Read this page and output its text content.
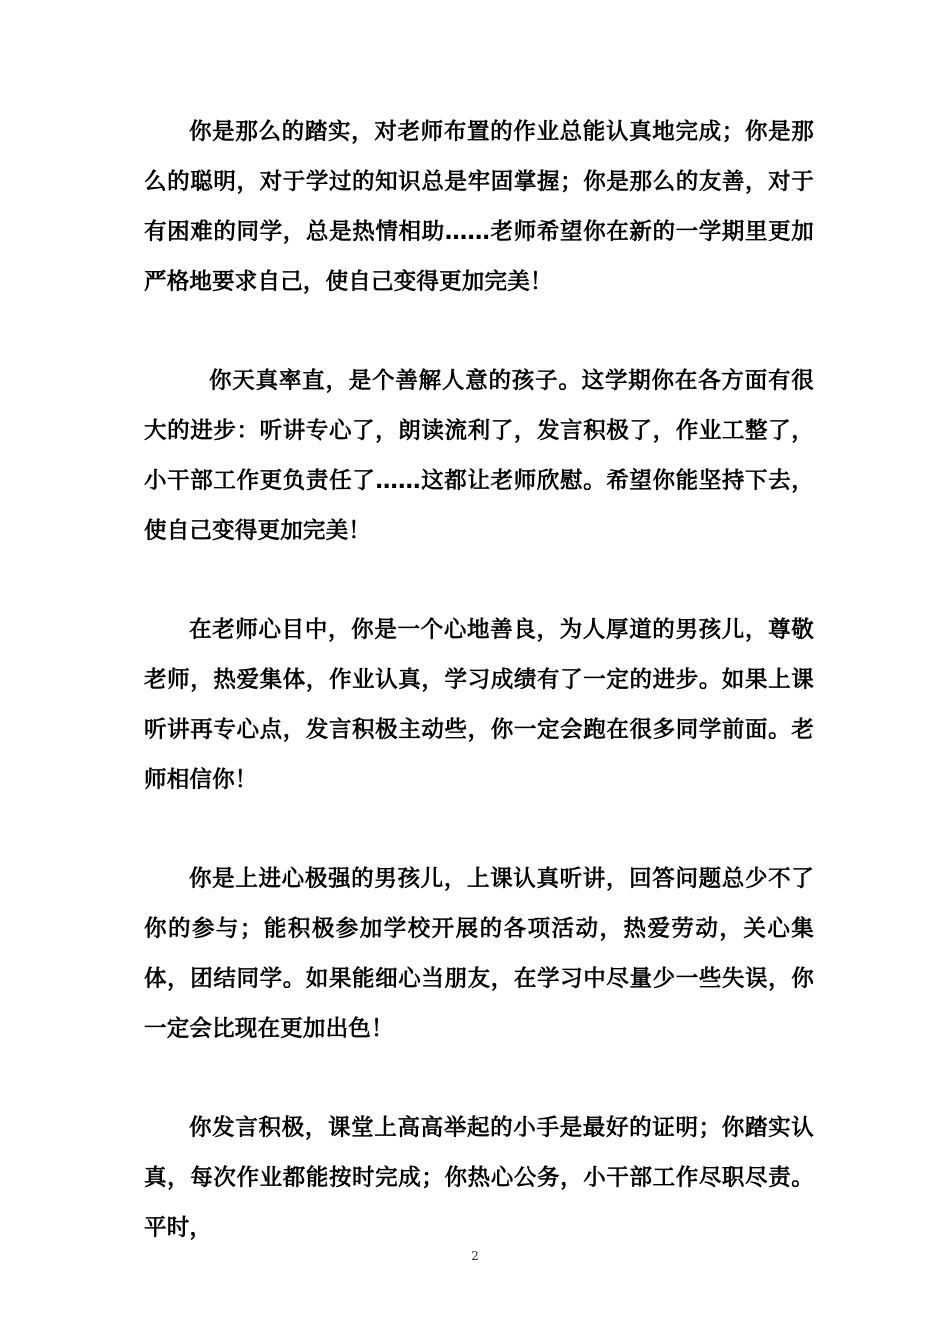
你是那么的踏实，对老师布置的作业总能认真地完成；你是那么的聪明，对于学过的知识总是牢固掌握；你是那么的友善，对于有困难的同学，总是热情相助……老师希望你在新的一学期里更加严格地要求自己，使自己变得更加完美！

你天真率直，是个善解人意的孩子。这学期你在各方面有很大的进步：听讲专心了，朗读流利了，发言积极了，作业工整了，小干部工作更负责任了……这都让老师欣慰。希望你能坚持下去，使自己变得更加完美！

在老师心目中，你是一个心地善良，为人厚道的男孩儿，尊敬老师，热爱集体，作业认真，学习成绩有了一定的进步。如果上课听讲再专心点，发言积极主动些，你一定会跑在很多同学前面。老师相信你！

你是上进心极强的男孩儿，上课认真听讲，回答问题总少不了你的参与；能积极参加学校开展的各项活动，热爱劳动，关心集体，团结同学。如果能细心当朋友，在学习中尽量少一些失误，你一定会比现在更加出色！

你发言积极，课堂上高高举起的小手是最好的证明；你踏实认真，每次作业都能按时完成；你热心公务，小干部工作尽职尽责。平时，

2
